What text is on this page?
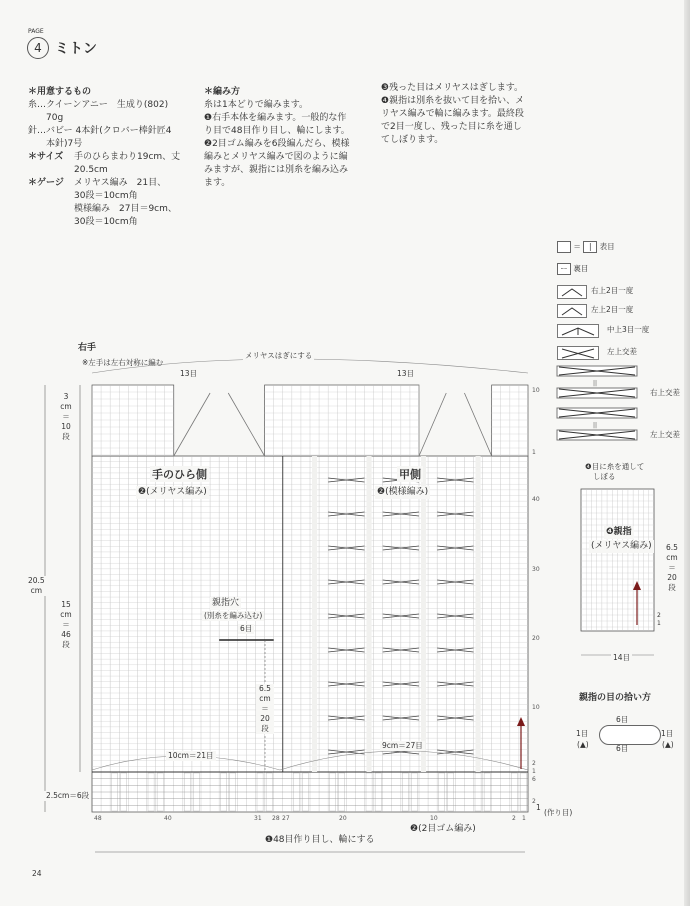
PAGE
4 ミトン
＊用意するもの
糸…クイーンアニー　生成り(802)
70g
針…バビー 4本針(クロバー棒針匠4
本針)7号
＊サイズ	手のひらまわり19cm、丈
20.5cm
＊ゲージ	メリヤス編み　21目、
30段＝10cm角
模様編み　27目＝9cm、
30段＝10cm角
＊編み方
糸は1本どりで編みます。
❶右手本体を編みます。一般的な作
り目で48目作り目し、輪にします。
❷2目ゴム編みを6段編んだら、模様
編みとメリヤス編みで図のように編
みますが、親指には別糸を編み込み
ます。
❸残った目はメリヤスはぎします。
❹親指は別糸を抜いて目を拾い、メ
リヤス編みで輪に編みます。最終段
で2目一度し、残った目に糸を通し
てしぼります。
＝ | 表目
ー 裏目
右上2目一度
左上2目一度
中上3目一度
左上交差
||
||
右上交差
左上交差
右手
※左手は左右対称に編む
メリヤスはぎにする
13目	13目
手のひら側
❷(メリヤス編み)
甲側
❷(模様編み)
親指穴
(別糸を編み込む)
6目
6.5
cm
＝
20
段
10cm＝21目
9cm＝27目
3
cm
＝
10
段
15
cm
＝
46
段
20.5
cm
2.5cm＝6段
1
(作り目)
❷(2目ゴム編み)
❶48目作り目し、輪にする
48	40	31 28 27	20	10	2 1
10
1
40
30
20
10
2
1
6
2
❹目に糸を通して
しぼる
❹親指
(メリヤス編み) 6.5
cm
＝
20
段
2
1
14目
親指の目の拾い方
6目
6目
1目
(▲)
1目
(▲)
24
